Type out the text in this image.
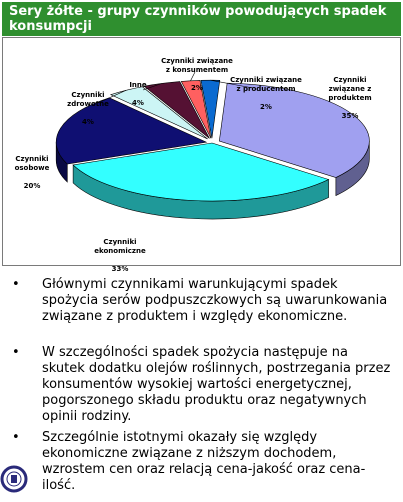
Sery żółte - grupy czynników powodujących spadek konsumpcji

Czynniki związane z produktem

35%

Czynniki ekonomiczne

33%

Czynniki osobowe

20%

Czynniki zdrowotne

4%

Inne

4%

Czynniki związane z konsumentem

2%

Czynniki związane z producentem

2%

• Głównymi czynnikami warunkującymi spadek spożycia serów podpuszczkowych są uwarunkowania związane z produktem i względy ekonomiczne.
• W szczególności spadek spożycia następuje na skutek dodatku olejów roślinnych, postrzegania przez konsumentów wysokiej wartości energetycznej, pogorszonego składu produktu oraz negatywnych opinii rodziny.
• Szczególnie istotnymi okazały się względy ekonomiczne związane z niższym dochodem, wzrostem cen oraz relacją cena-jakość oraz cena-ilość.
